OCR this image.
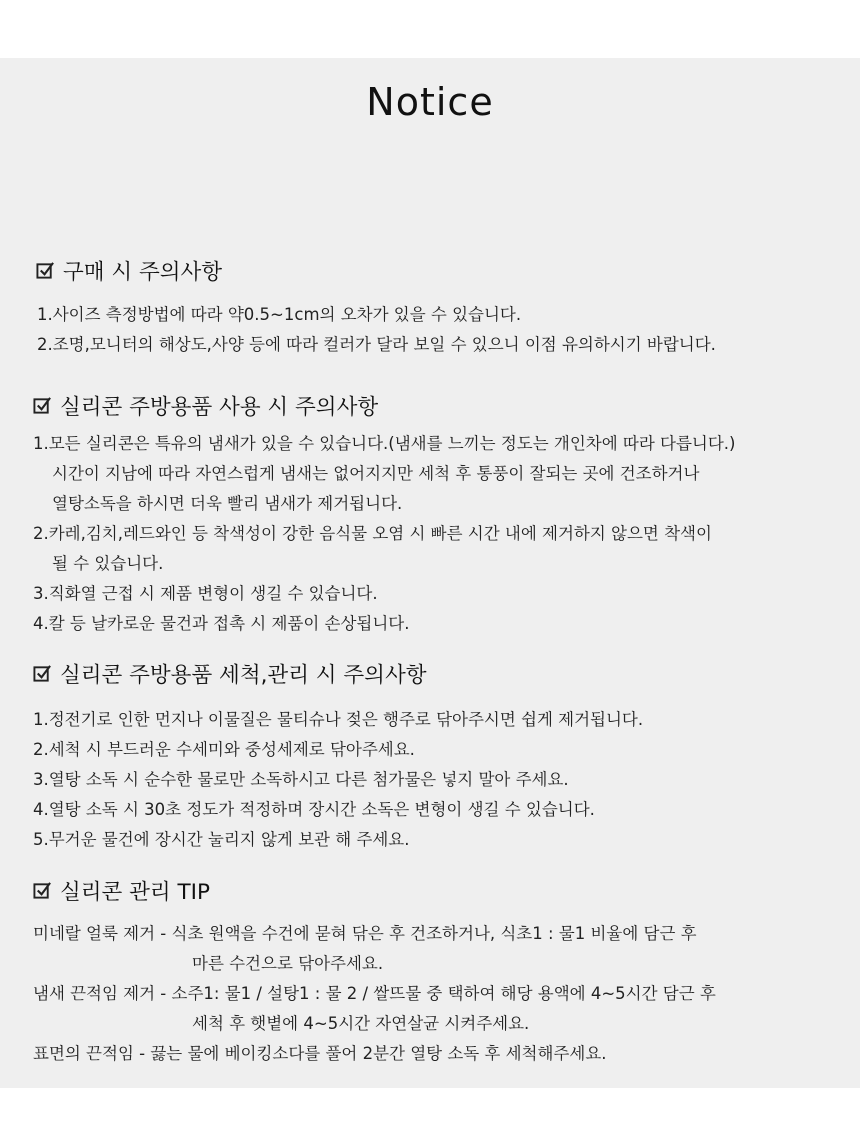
Notice
구매 시 주의사항
1.사이즈 측정방법에 따라 약0.5~1cm의 오차가 있을 수 있습니다.
2.조명,모니터의 해상도,사양 등에 따라 컬러가 달라 보일 수 있으니 이점 유의하시기 바랍니다.
실리콘 주방용품 사용 시 주의사항
1.모든 실리콘은 특유의 냄새가 있을 수 있습니다.(냄새를 느끼는 정도는 개인차에 따라 다릅니다.)
시간이 지남에 따라 자연스럽게 냄새는 없어지지만 세척 후 통풍이 잘되는 곳에 건조하거나
열탕소독을 하시면 더욱 빨리 냄새가 제거됩니다.
2.카레,김치,레드와인 등 착색성이 강한 음식물 오염 시 빠른 시간 내에 제거하지 않으면 착색이
될 수 있습니다.
3.직화열 근접 시 제품 변형이 생길 수 있습니다.
4.칼 등 날카로운 물건과 접촉 시 제품이 손상됩니다.
실리콘 주방용품 세척,관리 시 주의사항
1.정전기로 인한 먼지나 이물질은 물티슈나 젖은 행주로 닦아주시면 쉽게 제거됩니다.
2.세척 시 부드러운 수세미와 중성세제로 닦아주세요.
3.열탕 소독 시 순수한 물로만 소독하시고 다른 첨가물은 넣지 말아 주세요.
4.열탕 소독 시 30초 정도가 적정하며 장시간 소독은 변형이 생길 수 있습니다.
5.무거운 물건에 장시간 눌리지 않게 보관 해 주세요.
실리콘 관리 TIP
미네랄 얼룩 제거 - 식초 원액을 수건에 묻혀 닦은 후 건조하거나, 식초1 : 물1 비율에 담근 후
마른 수건으로 닦아주세요.
냄새 끈적임 제거 - 소주1: 물1 / 설탕1 : 물 2 / 쌀뜨물 중 택하여 해당 용액에 4~5시간 담근 후
세척 후 햇볕에 4~5시간 자연살균 시켜주세요.
표면의 끈적임 - 끓는 물에 베이킹소다를 풀어 2분간 열탕 소독 후 세척해주세요.
